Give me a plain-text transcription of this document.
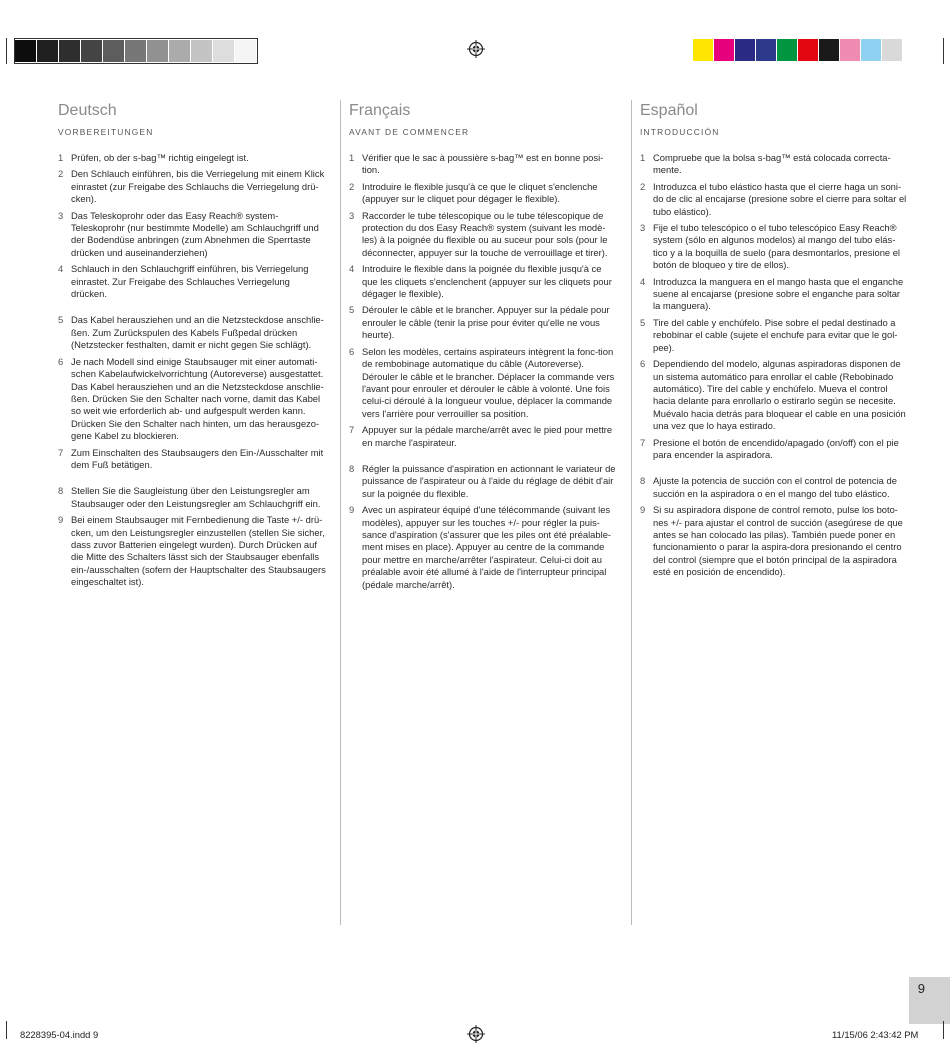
Deutsch
VORBEREITUNGEN
1 Prüfen, ob der s-bag™ richtig eingelegt ist.
2 Den Schlauch einführen, bis die Verriegelung mit einem Klick einrastet (zur Freigabe des Schlauchs die Verriegelung drü-cken).
3 Das Teleskoprohr oder das Easy Reach® system-Teleskoprohr (nur bestimmte Modelle) am Schlauchgriff und der Bodendüse anbringen (zum Abnehmen die Sperrtaste drücken und auseinanderziehen)
4 Schlauch in den Schlauchgriff einführen, bis Verriegelung einrastet. Zur Freigabe des Schlauches Verriegelung drücken.
5 Das Kabel herausziehen und an die Netzsteckdose anschlie-ßen. Zum Zurückspulen des Kabels Fußpedal drücken (Netzstecker festhalten, damit er nicht gegen Sie schlägt).
6 Je nach Modell sind einige Staubsauger mit einer automati-schen Kabelaufwickelvorrichtung (Autoreverse) ausgestattet. Das Kabel herausziehen und an die Netzsteckdose anschlie-ßen. Drücken Sie den Schalter nach vorne, damit das Kabel so weit wie erforderlich ab- und aufgespult werden kann. Drücken Sie den Schalter nach hinten, um das herausgezo-gene Kabel zu blockieren.
7 Zum Einschalten des Staubsaugers den Ein-/Ausschalter mit dem Fuß betätigen.
8 Stellen Sie die Saugleistung über den Leistungsregler am Staubsauger oder den Leistungsregler am Schlauchgriff ein.
9 Bei einem Staubsauger mit Fernbedienung die Taste +/- drü-cken, um den Leistungsregler einzustellen (stellen Sie sicher, dass zuvor Batterien eingelegt wurden). Durch Drücken auf die Mitte des Schalters lässt sich der Staubsauger ebenfalls ein-/ausschalten (sofern der Hauptschalter des Staubsaugers eingeschaltet ist).
Français
AVANT DE COMMENCER
1 Vérifier que le sac à poussière s-bag™ est en bonne posi-tion.
2 Introduire le flexible jusqu'à ce que le cliquet s'enclenche (appuyer sur le cliquet pour dégager le flexible).
3 Raccorder le tube télescopique ou le tube télescopique de protection du dos Easy Reach® system (suivant les modè-les) à la poignée du flexible ou au suceur pour sols (pour le déconnecter, appuyer sur la touche de verrouillage et tirer).
4 Introduire le flexible dans la poignée du flexible jusqu'à ce que les cliquets s'enclenchent (appuyer sur les cliquets pour dégager le flexible).
5 Dérouler le câble et le brancher. Appuyer sur la pédale pour enrouler le câble (tenir la prise pour éviter qu'elle ne vous heurte).
6 Selon les modèles, certains aspirateurs intègrent la fonc-tion de rembobinage automatique du câble (Autoreverse). Dérouler le câble et le brancher. Déplacer la commande vers l'avant pour enrouler et dérouler le câble à volonté. Une fois celui-ci déroulé à la longueur voulue, déplacer la commande vers l'arrière pour verrouiller sa position.
7 Appuyer sur la pédale marche/arrêt avec le pied pour mettre en marche l'aspirateur.
8 Régler la puissance d'aspiration en actionnant le variateur de puissance de l'aspirateur ou à l'aide du réglage de débit d'air sur la poignée du flexible.
9 Avec un aspirateur équipé d'une télécommande (suivant les modèles), appuyer sur les touches +/- pour régler la puis-sance d'aspiration (s'assurer que les piles ont été préalable-ment mises en place). Appuyer au centre de la commande pour mettre en marche/arrêter l'aspirateur. Celui-ci doit au préalable avoir été allumé à l'aide de l'interrupteur principal (pédale marche/arrêt).
Español
INTRODUCCIÓN
1 Compruebe que la bolsa s-bag™ está colocada correcta-mente.
2 Introduzca el tubo elástico hasta que el cierre haga un soni-do de clic al encajarse (presione sobre el cierre para soltar el tubo elástico).
3 Fije el tubo telescópico o el tubo telescópico Easy Reach® system (sólo en algunos modelos) al mango del tubo elás-tico y a la boquilla de suelo (para desmontarlos, presione el botón de bloqueo y tire de ellos).
4 Introduzca la manguera en el mango hasta que el enganche suene al encajarse (presione sobre el enganche para soltar la manguera).
5 Tire del cable y enchúfelo. Pise sobre el pedal destinado a rebobinar el cable (sujete el enchufe para evitar que le gol-pee).
6 Dependiendo del modelo, algunas aspiradoras disponen de un sistema automático para enrollar el cable (Rebobinado automático). Tire del cable y enchúfelo. Mueva el control hacia delante para enrollarlo o estirarlo según se necesite. Muévalo hacia detrás para bloquear el cable en una posición una vez que lo haya estirado.
7 Presione el botón de encendido/apagado (on/off) con el pie para encender la aspiradora.
8 Ajuste la potencia de succión con el control de potencia de succión en la aspiradora o en el mango del tubo elástico.
9 Si su aspiradora dispone de control remoto, pulse los boto-nes +/- para ajustar el control de succión (asegúrese de que antes se han colocado las pilas). También puede poner en funcionamiento o parar la aspira-dora presionando el centro del control (siempre que el botón principal de la aspiradora esté en posición de encendido).
9
8228395-04.indd 9	11/15/06 2:43:42 PM
